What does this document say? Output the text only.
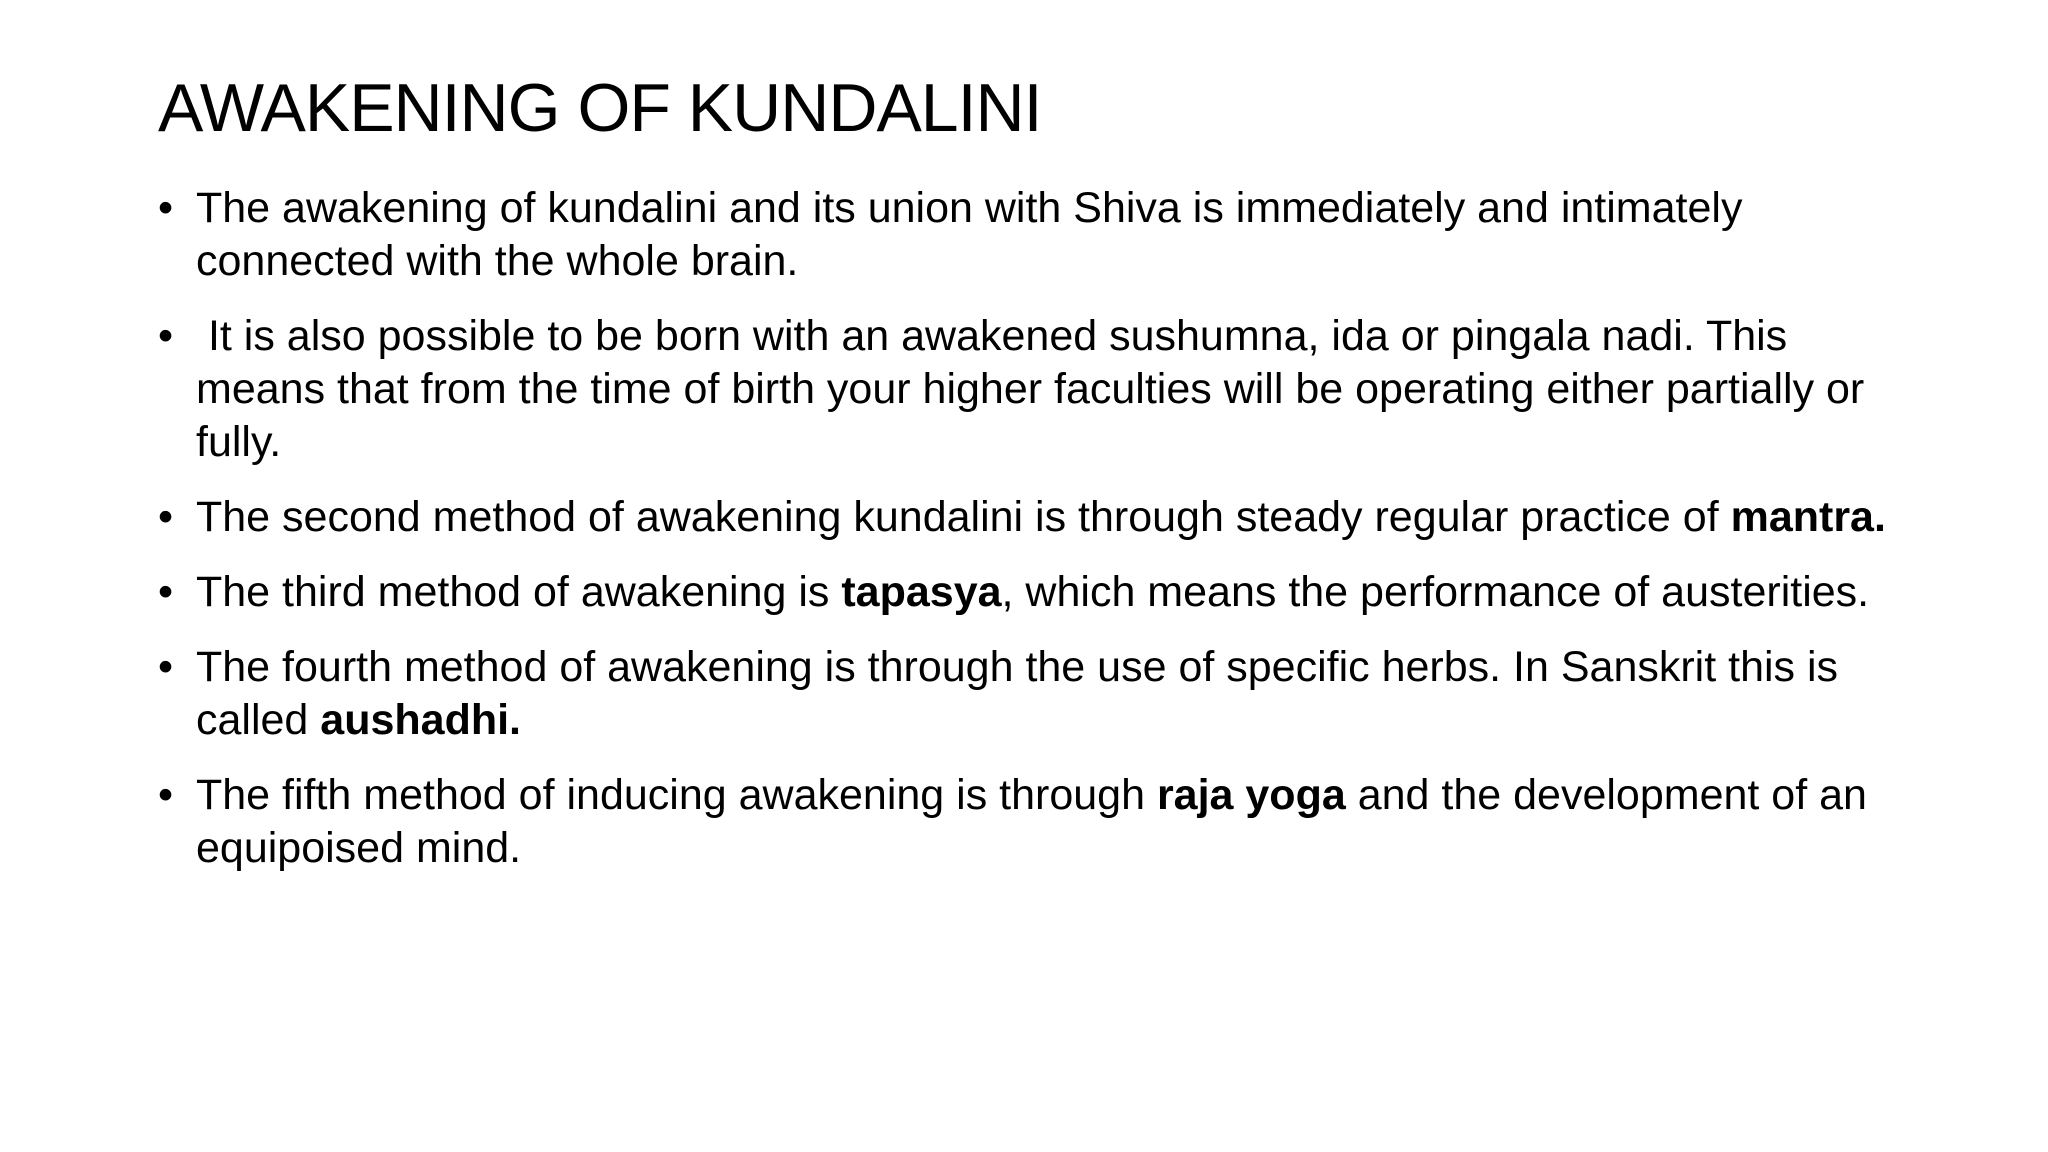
AWAKENING OF KUNDALINI
• The awakening of kundalini and its union with Shiva is immediately and intimately connected with the whole brain.
• It is also possible to be born with an awakened sushumna, ida or pingala nadi. This means that from the time of birth your higher faculties will be operating either partially or fully.
• The second method of awakening kundalini is through steady regular practice of mantra.
• The third method of awakening is tapasya, which means the performance of austerities.
• The fourth method of awakening is through the use of specific herbs. In Sanskrit this is called aushadhi.
• The fifth method of inducing awakening is through raja yoga and the development of an equipoised mind.
